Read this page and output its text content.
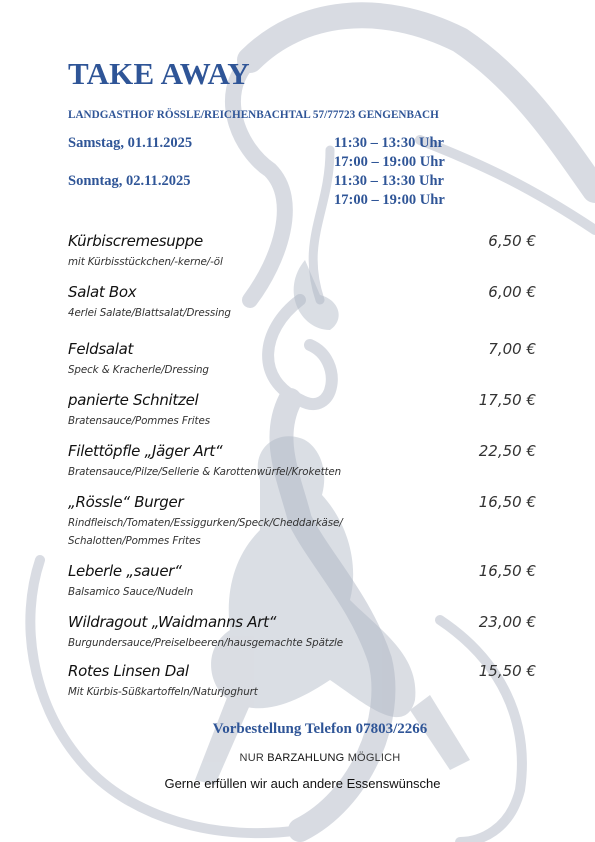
TAKE AWAY
LANDGASTHOF RÖSSLE/REICHENBACHTAL 57/77723 GENGENBACH
Samstag, 01.11.2025	11:30 – 13:30 Uhr
17:00 – 19:00 Uhr
Sonntag, 02.11.2025	11:30 – 13:30 Uhr
17:00 – 19:00 Uhr
Kürbiscremesuppe
mit Kürbisstückchen/-kerne/-öl
6,50 €
Salat Box
4erlei Salate/Blattsalat/Dressing
6,00 €
Feldsalat
Speck & Kracherle/Dressing
7,00 €
panierte Schnitzel
Bratensauce/Pommes Frites
17,50 €
Filettöpfle „Jäger Art“
Bratensauce/Pilze/Sellerie & Karottenwürfel/Kroketten
22,50 €
„Rössle“ Burger
Rindfleisch/Tomaten/Essiggurken/Speck/Cheddarkäse/
Schalotten/Pommes Frites
16,50 €
Leberle „sauer“
Balsamico Sauce/Nudeln
16,50 €
Wildragout „Waidmanns Art“
Burgundersauce/Preiselbeeren/hausgemachte Spätzle
23,00 €
Rotes Linsen Dal
Mit Kürbis-Süßkartoffeln/Naturjoghurt
15,50 €
Vorbestellung Telefon 07803/2266
NUR BARZAHLUNG MÖGLICH
Gerne erfüllen wir auch andere Essenswünsche
